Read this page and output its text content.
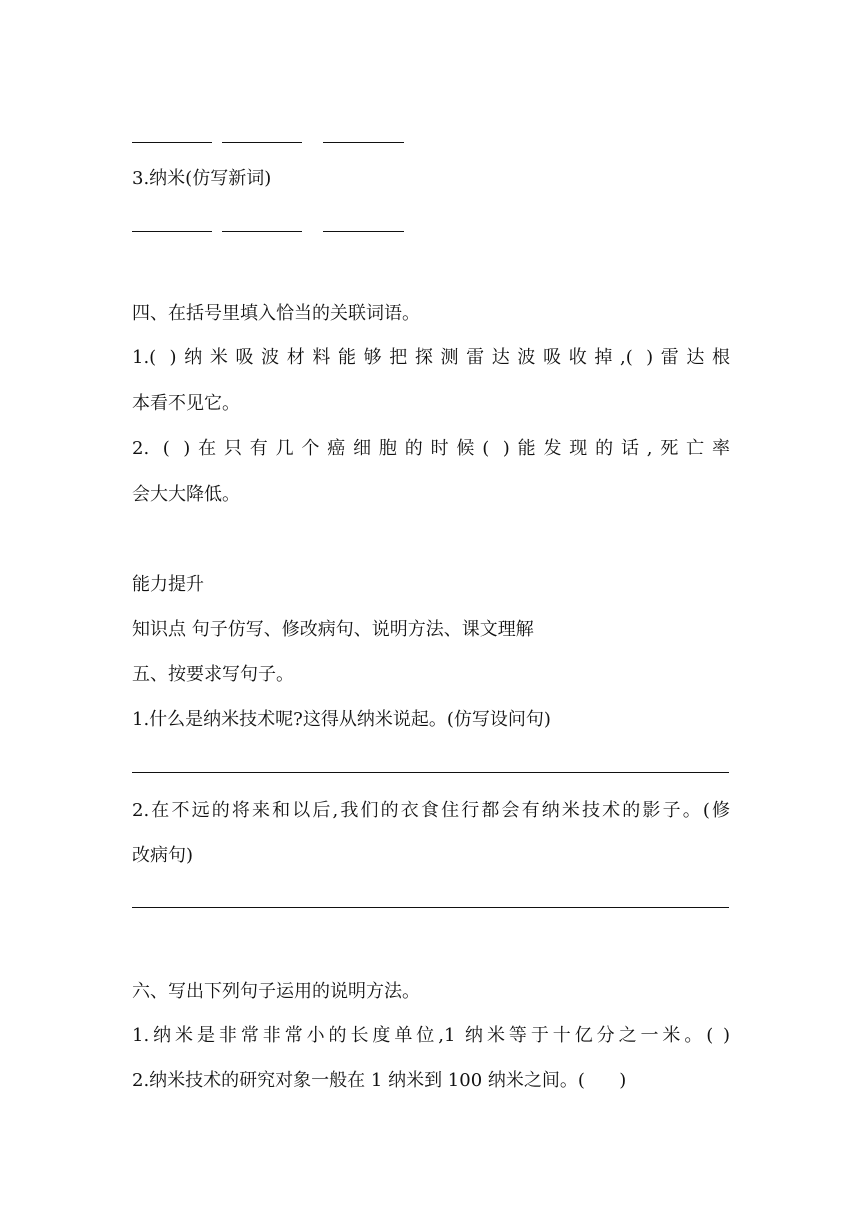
3.纳米(仿写新词)
四、在括号里填入恰当的关联词语。
1.( )纳米吸波材料能够把探测雷达波吸收掉,( )雷达根
本看不见它。
2. ( )在只有几个癌细胞的时候( )能发现的话,死亡率
会大大降低。
能力提升
知识点 句子仿写、修改病句、说明方法、课文理解
五、按要求写句子。
1.什么是纳米技术呢?这得从纳米说起。(仿写设问句)
2.在不远的将来和以后,我们的衣食住行都会有纳米技术的影子。(修
改病句)
六、写出下列句子运用的说明方法。
1.纳米是非常非常小的长度单位,1 纳米等于十亿分之一米。( )
2.纳米技术的研究对象一般在 1 纳米到 100 纳米之间。(      )
